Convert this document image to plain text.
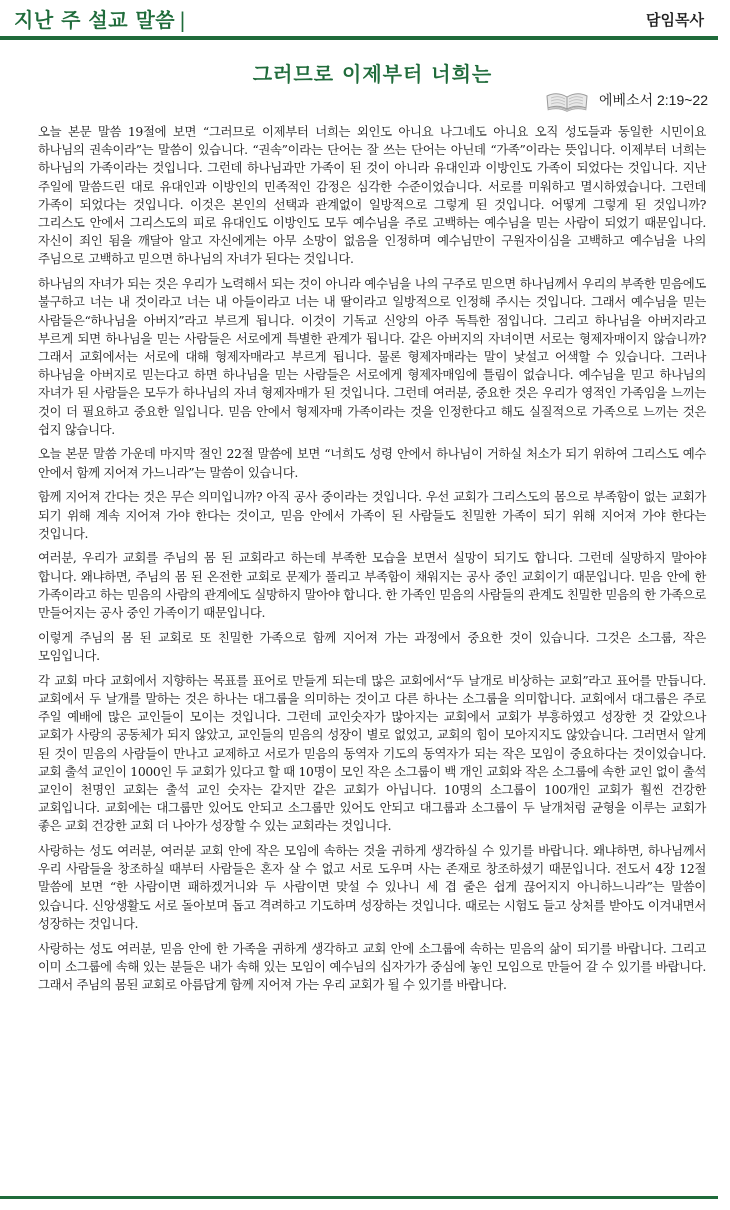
지난 주 설교 말씀 |	담임목사
그러므로 이제부터 너희는
에베소서 2:19~22

오늘 본문 말씀 19절에 보면 “그러므로 이제부터 너희는 외인도 아니요 나그네도 아니요 오직 성도들과 동일한 시민이요 하나님의 권속이라”는 말씀이 있습니다. “권속”이라는 단어는 잘 쓰는 단어는 아닌데 “가족”이라는 뜻입니다. 이제부터 너희는 하나님의 가족이라는 것입니다. 그런데 하나님과만 가족이 된 것이 아니라 유대인과 이방인도 가족이 되었다는 것입니다. 지난 주일에 말씀드린 대로 유대인과 이방인의 민족적인 감정은 심각한 수준이었습니다. 서로를 미워하고 멸시하였습니다. 그런데 가족이 되었다는 것입니다. 이것은 본인의 선택과 관계없이 일방적으로 그렇게 된 것입니다. 어떻게 그렇게 된 것입니까? 그리스도 안에서 그리스도의 피로 유대인도 이방인도 모두 예수님을 주로 고백하는 예수님을 믿는 사람이 되었기 때문입니다. 자신이 죄인 됨을 깨달아 알고 자신에게는 아무 소망이 없음을 인정하며 예수님만이 구원자이심을 고백하고 예수님을 나의 주님으로 고백하고 믿으면 하나님의 자녀가 된다는 것입니다.

하나님의 자녀가 되는 것은 우리가 노력해서 되는 것이 아니라 예수님을 나의 구주로 믿으면 하나님께서 우리의 부족한 믿음에도 불구하고 너는 내 것이라고 너는 내 아들이라고 너는 내 딸이라고 일방적으로 인정해 주시는 것입니다. 그래서 예수님을 믿는 사람들은“하나님을 아버지”라고 부르게 됩니다. 이것이 기독교 신앙의 아주 독특한 점입니다. 그리고 하나님을 아버지라고 부르게 되면 하나님을 믿는 사람들은 서로에게 특별한 관계가 됩니다. 같은 아버지의 자녀이면 서로는 형제자매이지 않습니까? 그래서 교회에서는 서로에 대해 형제자매라고 부르게 됩니다. 물론 형제자매라는 말이 낯설고 어색할 수 있습니다. 그러나 하나님을 아버지로 믿는다고 하면 하나님을 믿는 사람들은 서로에게 형제자매임에 틀림이 없습니다. 예수님을 믿고 하나님의 자녀가 된 사람들은 모두가 하나님의 자녀 형제자매가 된 것입니다. 그런데 여러분, 중요한 것은 우리가 영적인 가족임을 느끼는 것이 더 필요하고 중요한 일입니다. 믿음 안에서 형제자매 가족이라는 것을 인정한다고 해도 실질적으로 가족으로 느끼는 것은 쉽지 않습니다.

오늘 본문 말씀 가운데 마지막 절인 22절 말씀에 보면 “너희도 성령 안에서 하나님이 거하실 처소가 되기 위하여 그리스도 예수 안에서 함께 지어져 가느니라”는 말씀이 있습니다.

함께 지어져 간다는 것은 무슨 의미입니까? 아직 공사 중이라는 것입니다. 우선 교회가 그리스도의 몸으로 부족함이 없는 교회가 되기 위해 계속 지어져 가야 한다는 것이고, 믿음 안에서 가족이 된 사람들도 친밀한 가족이 되기 위해 지어져 가야 한다는 것입니다.

여러분, 우리가 교회를 주님의 몸 된 교회라고 하는데 부족한 모습을 보면서 실망이 되기도 합니다. 그런데 실망하지 말아야 합니다. 왜냐하면, 주님의 몸 된 온전한 교회로 문제가 풀리고 부족함이 채워지는 공사 중인 교회이기 때문입니다. 믿음 안에 한 가족이라고 하는 믿음의 사람의 관계에도 실망하지 말아야 합니다. 한 가족인 믿음의 사람들의 관계도 친밀한 믿음의 한 가족으로 만들어지는 공사 중인 가족이기 때문입니다.

이렇게 주님의 몸 된 교회로 또 친밀한 가족으로 함께 지어져 가는 과정에서 중요한 것이 있습니다. 그것은 소그룹, 작은 모임입니다.

각 교회 마다 교회에서 지향하는 목표를 표어로 만들게 되는데 많은 교회에서“두 날개로 비상하는 교회”라고 표어를 만듭니다. 교회에서 두 날개를 말하는 것은 하나는 대그룹을 의미하는 것이고 다른 하나는 소그룹을 의미합니다. 교회에서 대그룹은 주로 주일 예배에 많은 교인들이 모이는 것입니다. 그런데 교인숫자가 많아지는 교회에서 교회가 부흥하였고 성장한 것 같았으나 교회가 사랑의 공동체가 되지 않았고, 교인들의 믿음의 성장이 별로 없었고, 교회의 힘이 모아지지도 않았습니다. 그러면서 알게 된 것이 믿음의 사람들이 만나고 교제하고 서로가 믿음의 동역자 기도의 동역자가 되는 작은 모임이 중요하다는 것이었습니다. 교회 출석 교인이 1000인 두 교회가 있다고 할 때 10명이 모인 작은 소그룹이 백 개인 교회와 작은 소그룹에 속한 교인 없이 출석 교인이 천명인 교회는 출석 교인 숫자는 같지만 같은 교회가 아닙니다. 10명의 소그룹이 100개인 교회가 훨씬 건강한 교회입니다. 교회에는 대그룹만 있어도 안되고 소그룹만 있어도 안되고 대그룹과 소그룹이 두 날개처럼 균형을 이루는 교회가 좋은 교회 건강한 교회 더 나아가 성장할 수 있는 교회라는 것입니다.

사랑하는 성도 여러분, 여러분 교회 안에 작은 모임에 속하는 것을 귀하게 생각하실 수 있기를 바랍니다. 왜냐하면, 하나님께서 우리 사람들을 창조하실 때부터 사람들은 혼자 살 수 없고 서로 도우며 사는 존재로 창조하셨기 때문입니다. 전도서 4장 12절 말씀에 보면 “한 사람이면 패하겠거니와 두 사람이면 맞설 수 있나니 세 겹 줄은 쉽게 끊어지지 아니하느니라”는 말씀이 있습니다. 신앙생활도 서로 돌아보며 돕고 격려하고 기도하며 성장하는 것입니다. 때로는 시험도 들고 상처를 받아도 이겨내면서 성장하는 것입니다.

사랑하는 성도 여러분, 믿음 안에 한 가족을 귀하게 생각하고 교회 안에 소그룹에 속하는 믿음의 삶이 되기를 바랍니다. 그리고 이미 소그룹에 속해 있는 분들은 내가 속해 있는 모임이 예수님의 십자가가 중심에 놓인 모임으로 만들어 갈 수 있기를 바랍니다. 그래서 주님의 몸된 교회로 아름답게 함께 지어져 가는 우리 교회가 될 수 있기를 바랍니다.
